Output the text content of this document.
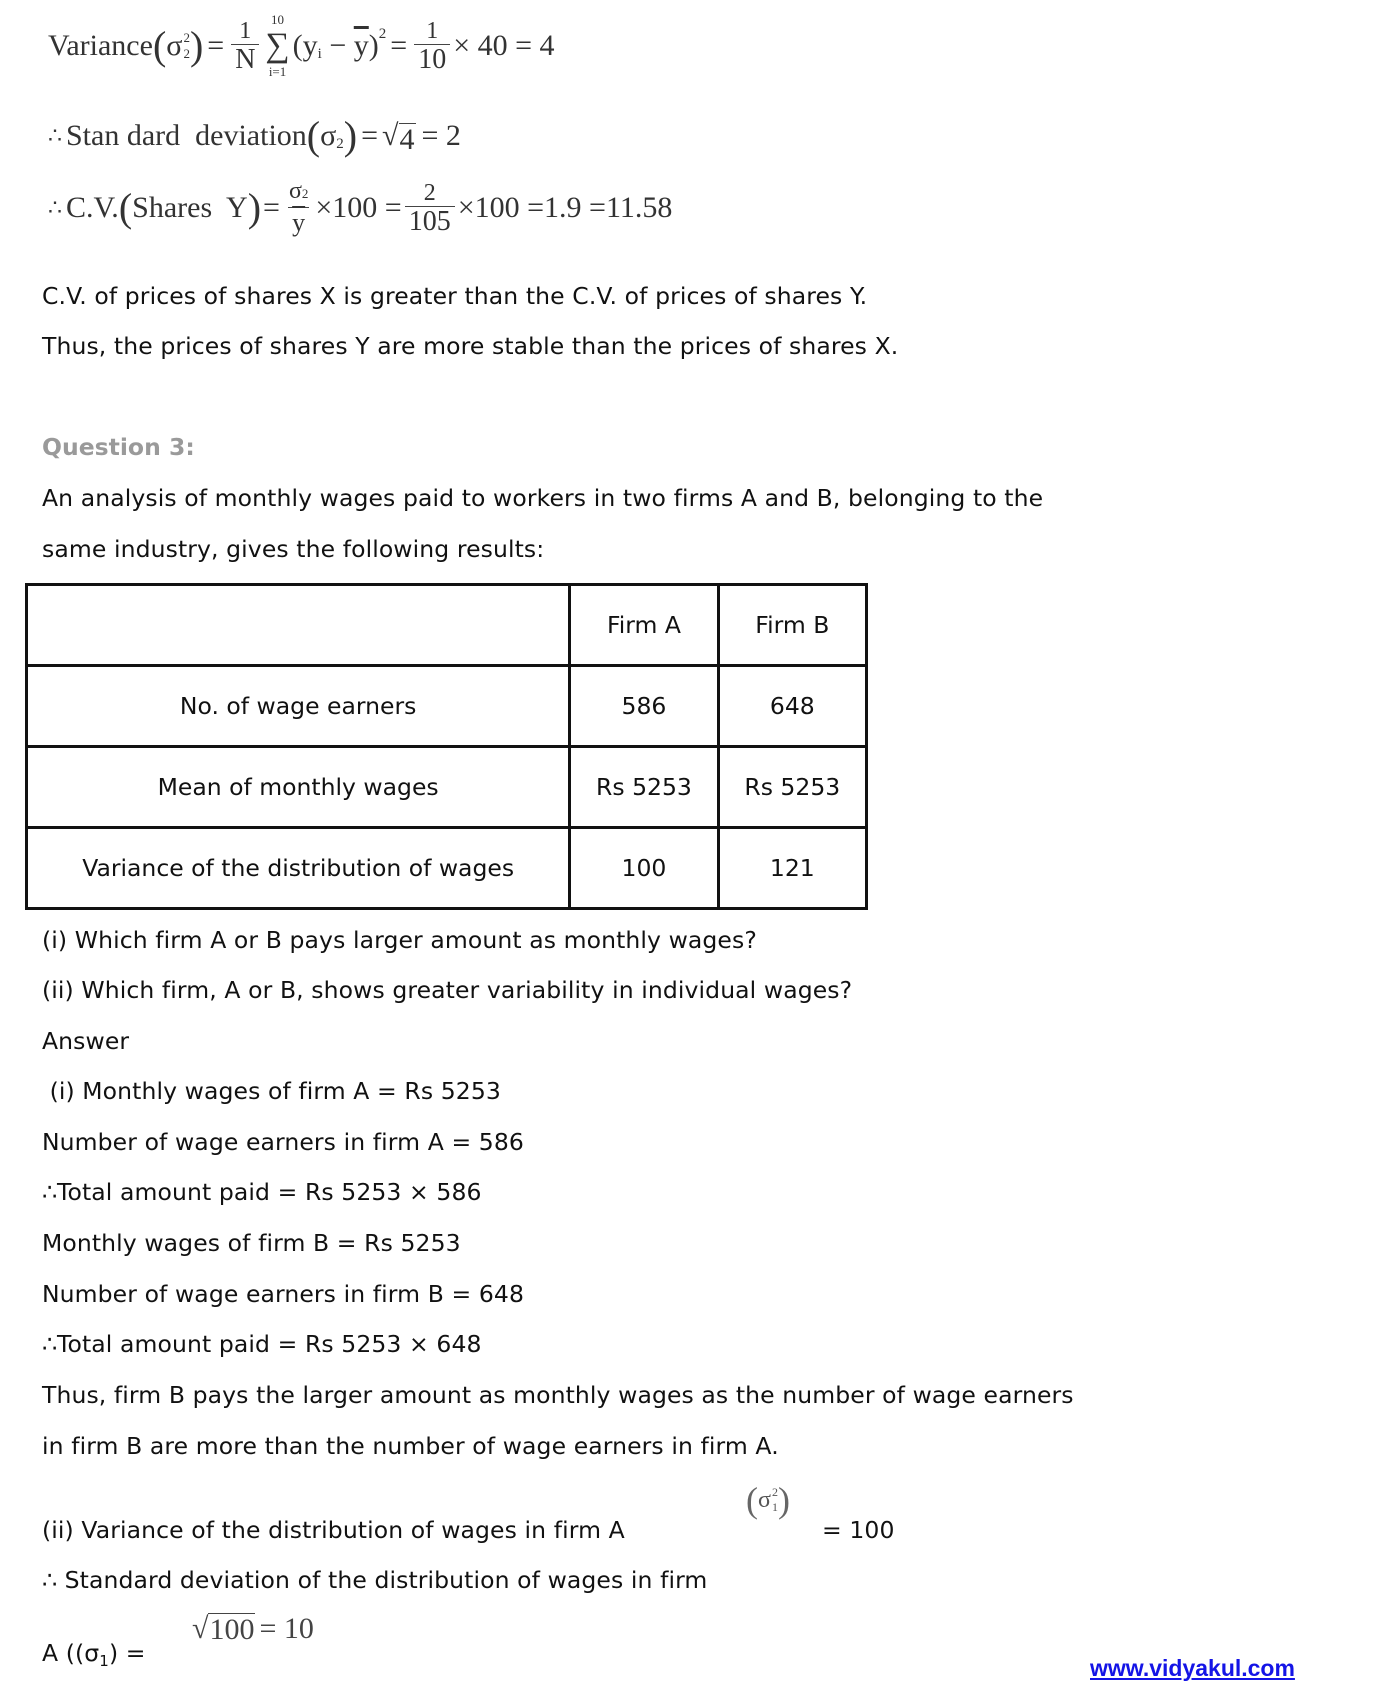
Variance ( σ 2
2 ) = $\frac{1}{N} 10$
∑
i=1
(y $i - \overline{y}$ ) $2 = \frac{1}{10} \times 40 = 4$
∴ Stan dard  deviation ( σ 2 ) = √ 4 = 2
∴ C.V. ( Shares  Y ) = $\frac{\sigma 2}{y} \times 100 = \frac{2}{105} \times 100 =1.9 =11.58$
C.V. of prices of shares X is greater than the C.V. of prices of shares Y.
Thus, the prices of shares Y are more stable than the prices of shares X.
Question 3:
An analysis of monthly wages paid to workers in two firms A and B, belonging to the
same industry, gives the following results:
	Firm A	Firm B
No. of wage earners	586	648
Mean of monthly wages	Rs 5253	Rs 5253
Variance of the distribution of wages	100	121
(i) Which firm A or B pays larger amount as monthly wages?
(ii) Which firm, A or B, shows greater variability in individual wages?
Answer
(i) Monthly wages of firm A = Rs 5253
Number of wage earners in firm A = 586
∴Total amount paid = Rs 5253 × 586
Monthly wages of firm B = Rs 5253
Number of wage earners in firm B = 648
∴Total amount paid = Rs 5253 × 648
Thus, firm B pays the larger amount as monthly wages as the number of wage earners
in firm B are more than the number of wage earners in firm A.
(ii) Variance of the distribution of wages in firm A
( σ 2
1 )
= 100
∴ Standard deviation of the distribution of wages in firm
A ($(\sigma_1)$ =
√ 100 = 10
www.vidyakul.com
